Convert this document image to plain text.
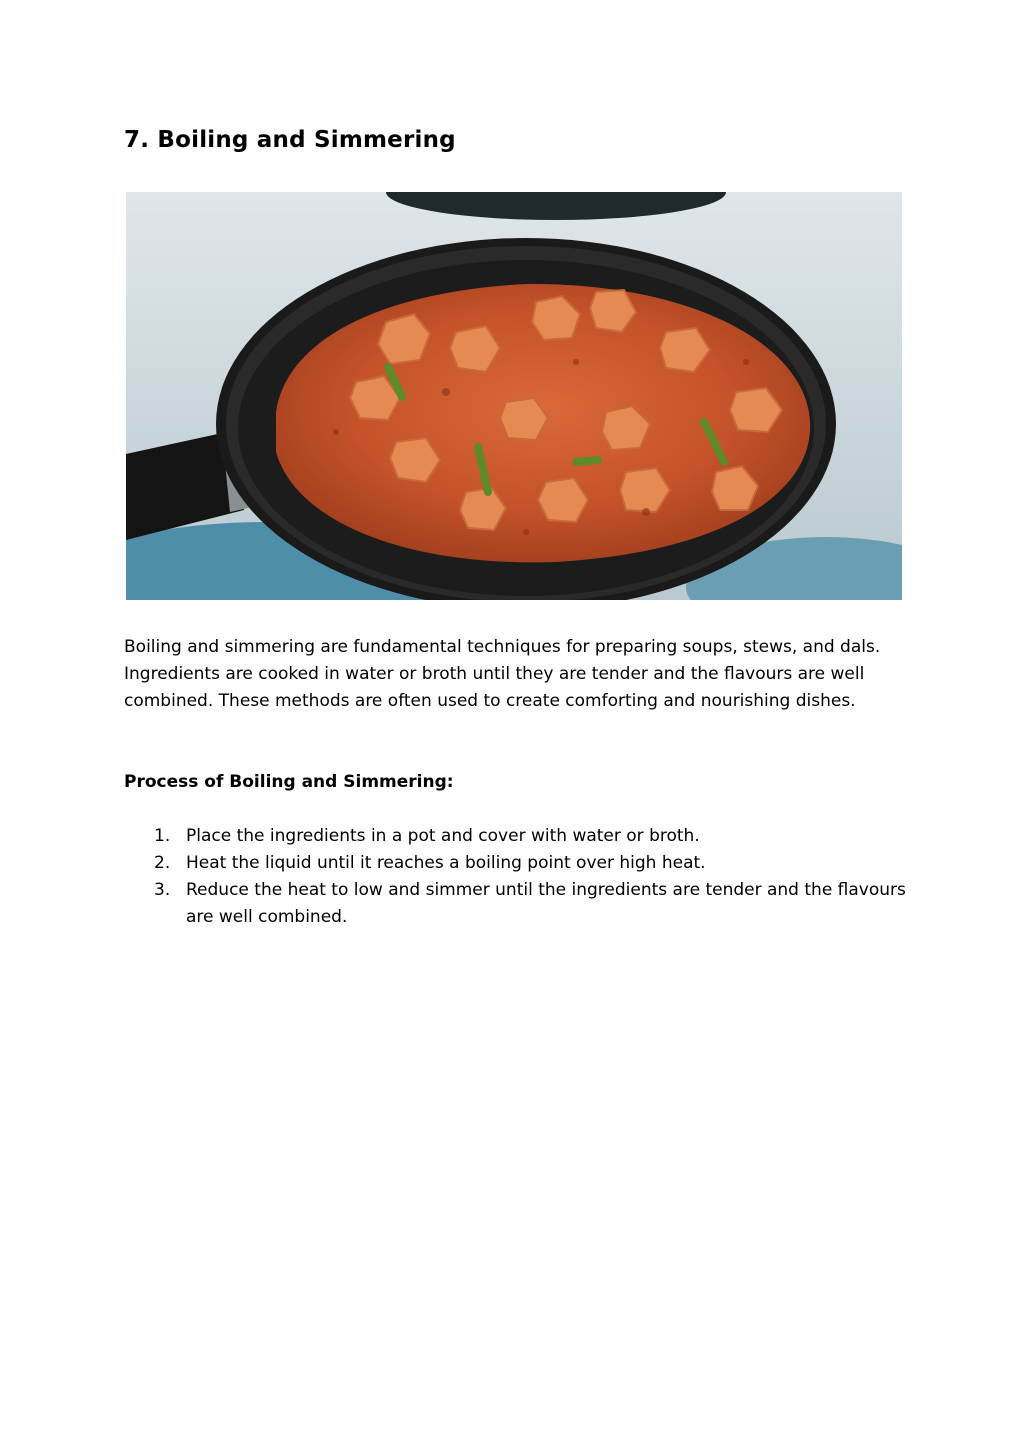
7. Boiling and Simmering

Boiling and simmering are fundamental techniques for preparing soups, stews, and dals. Ingredients are cooked in water or broth until they are tender and the flavours are well combined. These methods are often used to create comforting and nourishing dishes.

Process of Boiling and Simmering:

1. Place the ingredients in a pot and cover with water or broth.
2. Heat the liquid until it reaches a boiling point over high heat.
3. Reduce the heat to low and simmer until the ingredients are tender and the flavours are well combined.
